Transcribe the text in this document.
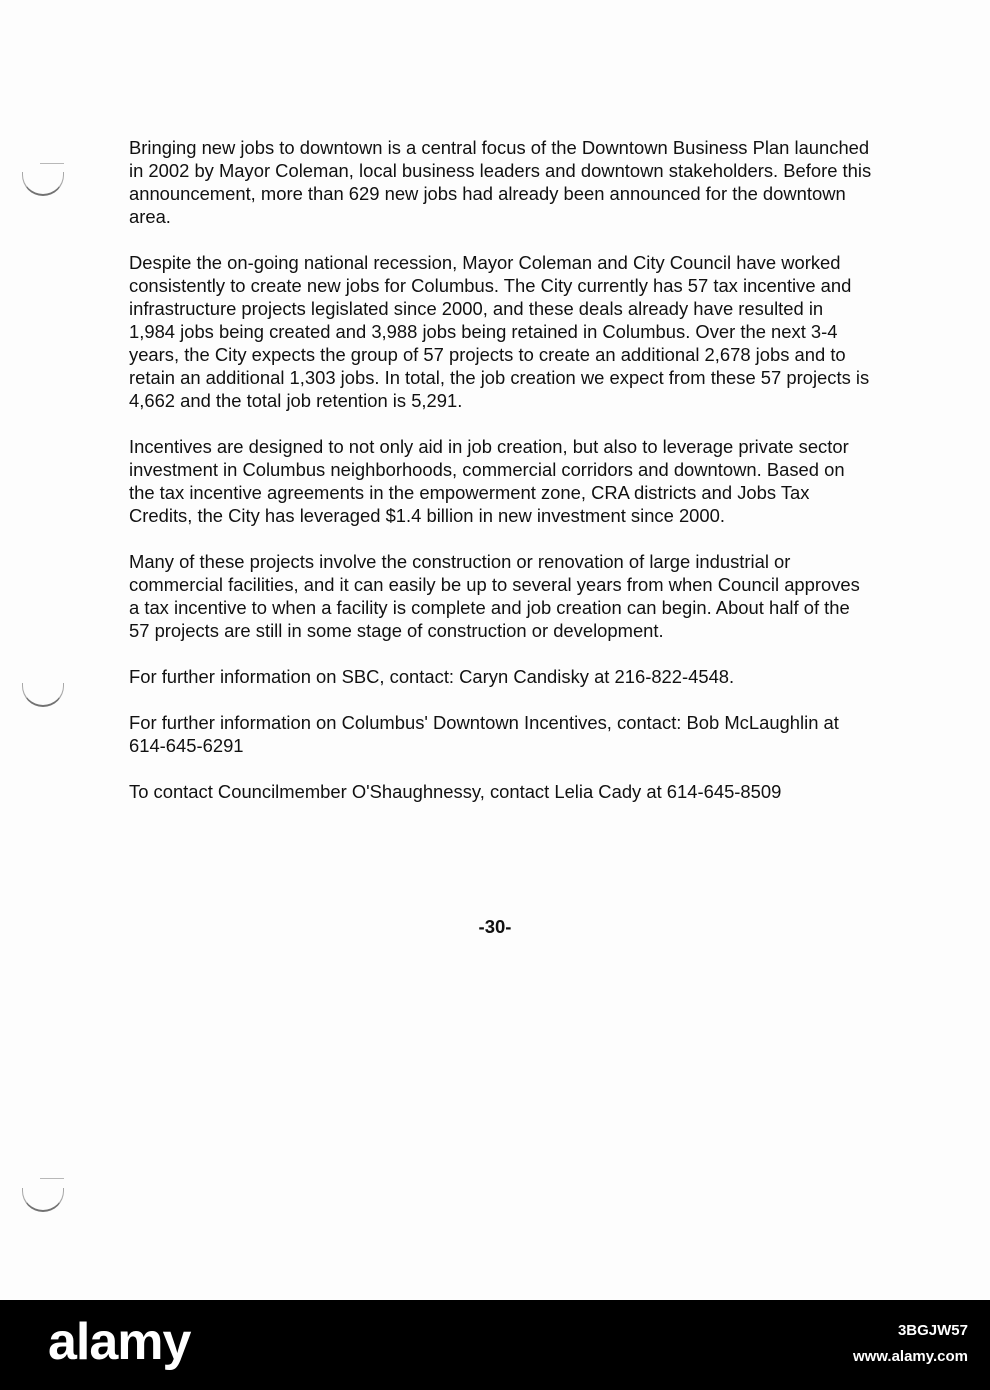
Bringing new jobs to downtown is a central focus of the Downtown Business Plan launched in 2002 by Mayor Coleman, local business leaders and downtown stakeholders. Before this announcement, more than 629 new jobs had already been announced for the downtown area.

Despite the on-going national recession, Mayor Coleman and City Council have worked consistently to create new jobs for Columbus. The City currently has 57 tax incentive and infrastructure projects legislated since 2000, and these deals already have resulted in 1,984 jobs being created and 3,988 jobs being retained in Columbus. Over the next 3-4 years, the City expects the group of 57 projects to create an additional 2,678 jobs and to retain an additional 1,303 jobs. In total, the job creation we expect from these 57 projects is 4,662 and the total job retention is 5,291.

Incentives are designed to not only aid in job creation, but also to leverage private sector investment in Columbus neighborhoods, commercial corridors and downtown. Based on the tax incentive agreements in the empowerment zone, CRA districts and Jobs Tax Credits, the City has leveraged $1.4 billion in new investment since 2000.

Many of these projects involve the construction or renovation of large industrial or commercial facilities, and it can easily be up to several years from when Council approves a tax incentive to when a facility is complete and job creation can begin. About half of the 57 projects are still in some stage of construction or development.

For further information on SBC, contact: Caryn Candisky at 216-822-4548.

For further information on Columbus' Downtown Incentives, contact: Bob McLaughlin at 614-645-6291

To contact Councilmember O'Shaughnessy, contact Lelia Cady at 614-645-8509

-30-
alamy	3BGJW57
www.alamy.com
